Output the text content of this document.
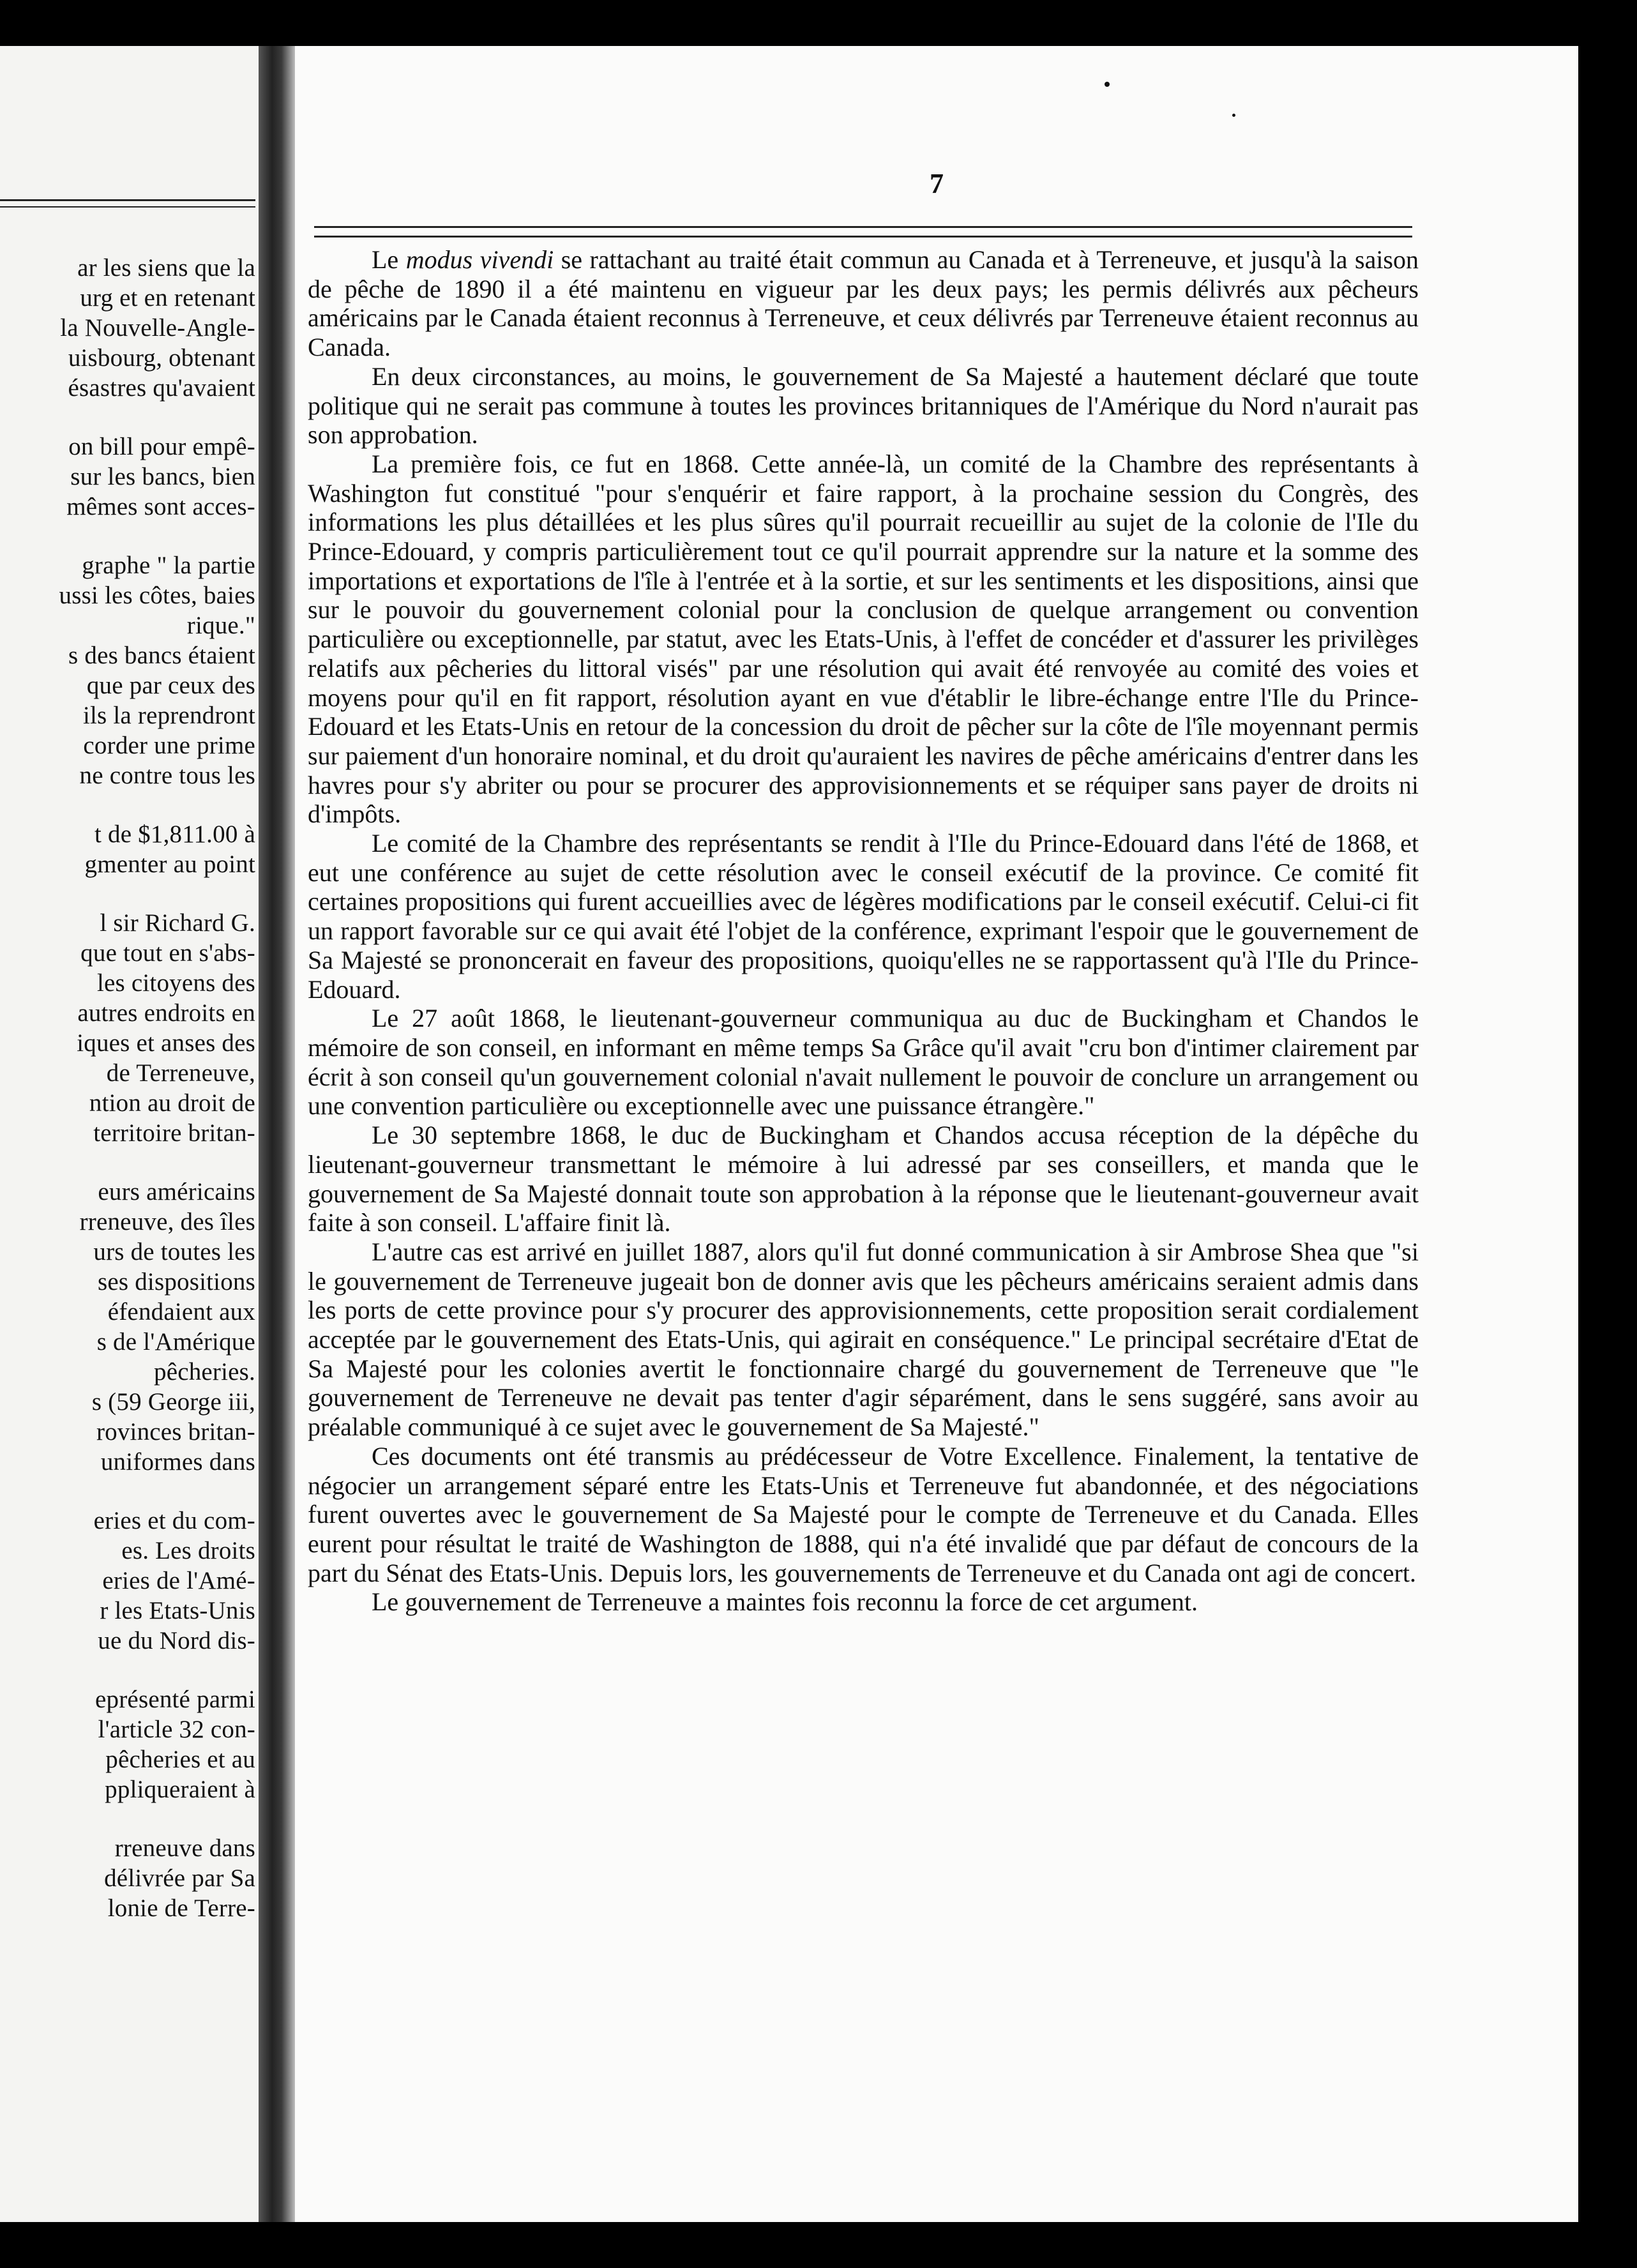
ar les siens que la
urg et en retenant
la Nouvelle-Angle-
uisbourg, obtenant
ésastres qu'avaient
on bill pour empê-
sur les bancs, bien
mêmes sont acces-
graphe " la partie
ussi les côtes, baies
rique."
s des bancs étaient
que par ceux des
ils la reprendront
corder une prime
ne contre tous les
t de $1,811.00 à
gmenter au point
l sir Richard G.
que tout en s'abs-
les citoyens des
autres endroits en
iques et anses des
de Terreneuve,
ntion au droit de
territoire britan-
eurs américains
rreneuve, des îles
urs de toutes les
ses dispositions
éfendaient aux
s de l'Amérique
pêcheries.
s (59 George iii,
rovinces britan-
uniformes dans
eries et du com-
es. Les droits
eries de l'Amé-
r les Etats-Unis
ue du Nord dis-
eprésenté parmi
l'article 32 con-
pêcheries et au
ppliqueraient à
rreneuve dans
délivrée par Sa
lonie de Terre-
7

Le modus vivendi se rattachant au traité était commun au Canada et à Terreneuve, et jusqu'à la saison de pêche de 1890 il a été maintenu en vigueur par les deux pays; les permis délivrés aux pêcheurs américains par le Canada étaient reconnus à Terreneuve, et ceux délivrés par Terreneuve étaient reconnus au Canada.

En deux circonstances, au moins, le gouvernement de Sa Majesté a hautement déclaré que toute politique qui ne serait pas commune à toutes les provinces britanniques de l'Amérique du Nord n'aurait pas son approbation.

La première fois, ce fut en 1868. Cette année-là, un comité de la Chambre des représentants à Washington fut constitué "pour s'enquérir et faire rapport, à la prochaine session du Congrès, des informations les plus détaillées et les plus sûres qu'il pourrait recueillir au sujet de la colonie de l'Ile du Prince-Edouard, y compris particulièrement tout ce qu'il pourrait apprendre sur la nature et la somme des importations et exportations de l'île à l'entrée et à la sortie, et sur les sentiments et les dispositions, ainsi que sur le pouvoir du gouvernement colonial pour la conclusion de quelque arrangement ou convention particulière ou exceptionnelle, par statut, avec les Etats-Unis, à l'effet de concéder et d'assurer les privilèges relatifs aux pêcheries du littoral visés" par une résolution qui avait été renvoyée au comité des voies et moyens pour qu'il en fit rapport, résolution ayant en vue d'établir le libre-échange entre l'Ile du Prince-Edouard et les Etats-Unis en retour de la concession du droit de pêcher sur la côte de l'île moyennant permis sur paiement d'un honoraire nominal, et du droit qu'auraient les navires de pêche américains d'entrer dans les havres pour s'y abriter ou pour se procurer des approvisionnements et se réquiper sans payer de droits ni d'impôts.

Le comité de la Chambre des représentants se rendit à l'Ile du Prince-Edouard dans l'été de 1868, et eut une conférence au sujet de cette résolution avec le conseil exécutif de la province. Ce comité fit certaines propositions qui furent accueillies avec de légères modifications par le conseil exécutif. Celui-ci fit un rapport favorable sur ce qui avait été l'objet de la conférence, exprimant l'espoir que le gouvernement de Sa Majesté se prononcerait en faveur des propositions, quoiqu'elles ne se rapportassent qu'à l'Ile du Prince-Edouard.

Le 27 août 1868, le lieutenant-gouverneur communiqua au duc de Buckingham et Chandos le mémoire de son conseil, en informant en même temps Sa Grâce qu'il avait "cru bon d'intimer clairement par écrit à son conseil qu'un gouvernement colonial n'avait nullement le pouvoir de conclure un arrangement ou une convention particulière ou exceptionnelle avec une puissance étrangère."

Le 30 septembre 1868, le duc de Buckingham et Chandos accusa réception de la dépêche du lieutenant-gouverneur transmettant le mémoire à lui adressé par ses conseillers, et manda que le gouvernement de Sa Majesté donnait toute son approbation à la réponse que le lieutenant-gouverneur avait faite à son conseil. L'affaire finit là.

L'autre cas est arrivé en juillet 1887, alors qu'il fut donné communication à sir Ambrose Shea que "si le gouvernement de Terreneuve jugeait bon de donner avis que les pêcheurs américains seraient admis dans les ports de cette province pour s'y procurer des approvisionnements, cette proposition serait cordialement acceptée par le gouvernement des Etats-Unis, qui agirait en conséquence." Le principal secrétaire d'Etat de Sa Majesté pour les colonies avertit le fonctionnaire chargé du gouvernement de Terreneuve que "le gouvernement de Terreneuve ne devait pas tenter d'agir séparément, dans le sens suggéré, sans avoir au préalable communiqué à ce sujet avec le gouvernement de Sa Majesté."

Ces documents ont été transmis au prédécesseur de Votre Excellence. Finalement, la tentative de négocier un arrangement séparé entre les Etats-Unis et Terreneuve fut abandonnée, et des négociations furent ouvertes avec le gouvernement de Sa Majesté pour le compte de Terreneuve et du Canada. Elles eurent pour résultat le traité de Washington de 1888, qui n'a été invalidé que par défaut de concours de la part du Sénat des Etats-Unis. Depuis lors, les gouvernements de Terreneuve et du Canada ont agi de concert.

Le gouvernement de Terreneuve a maintes fois reconnu la force de cet argument.
